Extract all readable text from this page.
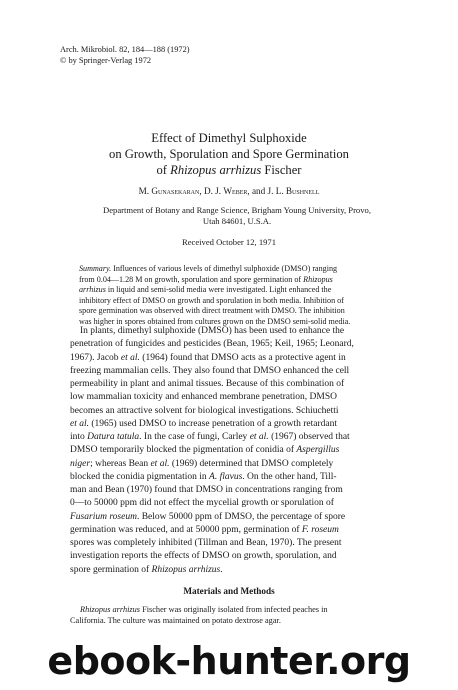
Arch. Mikrobiol. 82, 184—188 (1972)
© by Springer-Verlag 1972
Effect of Dimethyl Sulphoxide
on Growth, Sporulation and Spore Germination
of Rhizopus arrhizus Fischer
M. Gunasekaran, D. J. Weber, and J. L. Bushnell
Department of Botany and Range Science, Brigham Young University, Provo,
Utah 84601, U.S.A.
Received October 12, 1971
Summary. Influences of various levels of dimethyl sulphoxide (DMSO) ranging
from 0.04—1.28 M on growth, sporulation and spore germination of Rhizopus
arrhizus in liquid and semi-solid media were investigated. Light enhanced the
inhibitory effect of DMSO on growth and sporulation in both media. Inhibition of
spore germination was observed with direct treatment with DMSO. The inhibition
was higher in spores obtained from cultures grown on the DMSO semi-solid media.
In plants, dimethyl sulphoxide (DMSO) has been used to enhance the
penetration of fungicides and pesticides (Bean, 1965; Keil, 1965; Leonard,
1967). Jacob et al. (1964) found that DMSO acts as a protective agent in
freezing mammalian cells. They also found that DMSO enhanced the cell
permeability in plant and animal tissues. Because of this combination of
low mammalian toxicity and enhanced membrane penetration, DMSO
becomes an attractive solvent for biological investigations. Schiuchetti
et al. (1965) used DMSO to increase penetration of a growth retardant
into Datura tatula. In the case of fungi, Carley et al. (1967) observed that
DMSO temporarily blocked the pigmentation of conidia of Aspergillus
niger; whereas Bean et al. (1969) determined that DMSO completely
blocked the conidia pigmentation in A. flavus. On the other hand, Till-
man and Bean (1970) found that DMSO in concentrations ranging from
0—to 50000 ppm did not effect the mycelial growth or sporulation of
Fusarium roseum. Below 50000 ppm of DMSO, the percentage of spore
germination was reduced, and at 50000 ppm, germination of F. roseum
spores was completely inhibited (Tillman and Bean, 1970). The present
investigation reports the effects of DMSO on growth, sporulation, and
spore germination of Rhizopus arrhizus.
Materials and Methods
Rhizopus arrhizus Fischer was originally isolated from infected peaches in
California. The culture was maintained on potato dextrose agar.
ebook-hunter.org
